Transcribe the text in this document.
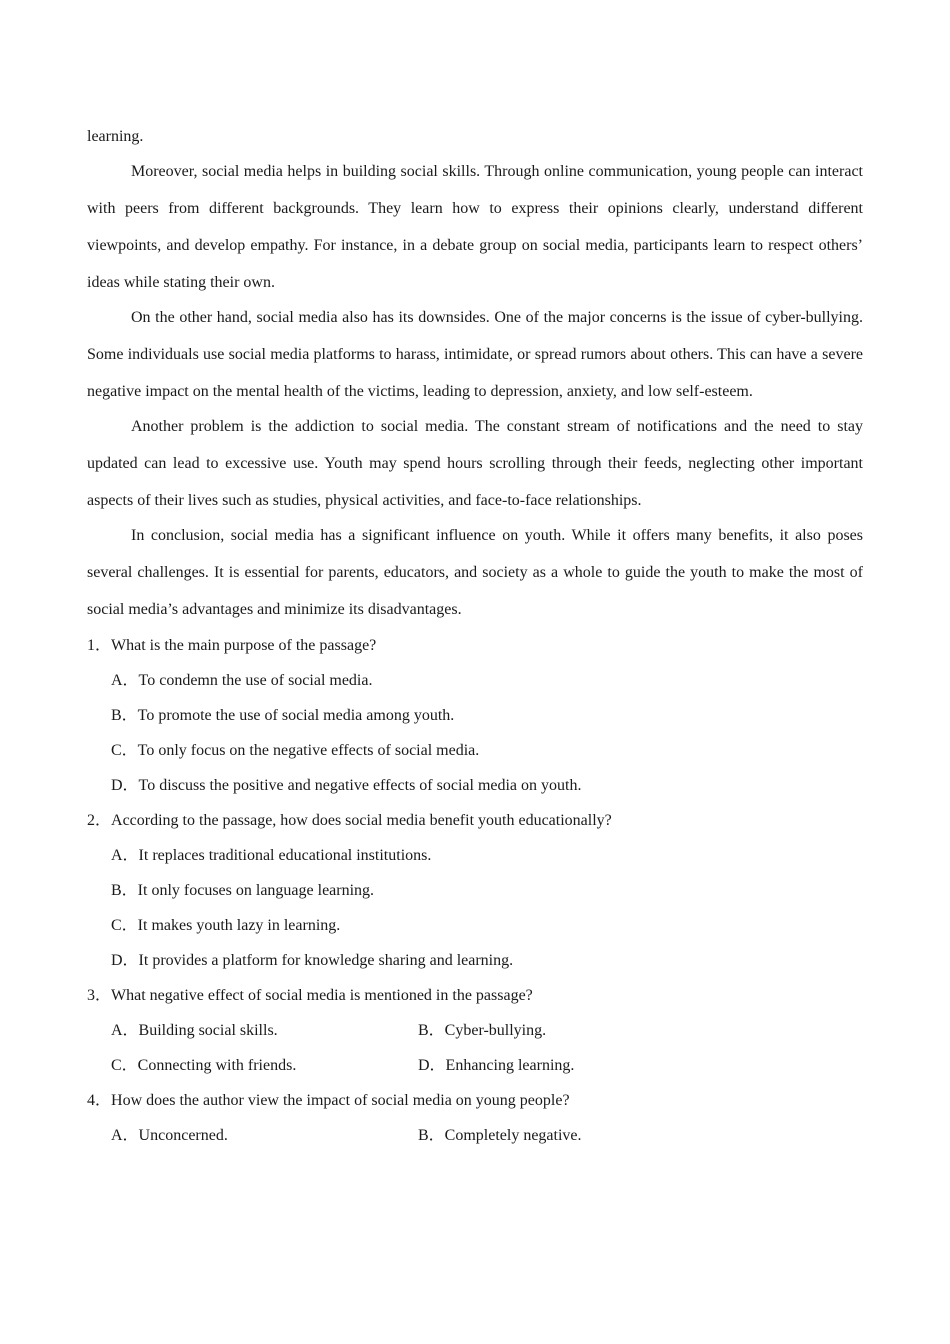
learning.

Moreover, social media helps in building social skills. Through online communication, young people can interact with peers from different backgrounds. They learn how to express their opinions clearly, understand different viewpoints, and develop empathy. For instance, in a debate group on social media, participants learn to respect others’ ideas while stating their own.

On the other hand, social media also has its downsides. One of the major concerns is the issue of cyber-bullying. Some individuals use social media platforms to harass, intimidate, or spread rumors about others. This can have a severe negative impact on the mental health of the victims, leading to depression, anxiety, and low self-esteem.

Another problem is the addiction to social media. The constant stream of notifications and the need to stay updated can lead to excessive use. Youth may spend hours scrolling through their feeds, neglecting other important aspects of their lives such as studies, physical activities, and face-to-face relationships.

In conclusion, social media has a significant influence on youth. While it offers many benefits, it also poses several challenges. It is essential for parents, educators, and society as a whole to guide the youth to make the most of social media’s advantages and minimize its disadvantages.

1．What is the main purpose of the passage?
A．To condemn the use of social media.
B．To promote the use of social media among youth.
C．To only focus on the negative effects of social media.
D．To discuss the positive and negative effects of social media on youth.
2．According to the passage, how does social media benefit youth educationally?
A．It replaces traditional educational institutions.
B．It only focuses on language learning.
C．It makes youth lazy in learning.
D．It provides a platform for knowledge sharing and learning.
3．What negative effect of social media is mentioned in the passage?
A．Building social skills.	B．Cyber-bullying.
C．Connecting with friends.	D．Enhancing learning.
4．How does the author view the impact of social media on young people?
A．Unconcerned.	B．Completely negative.
